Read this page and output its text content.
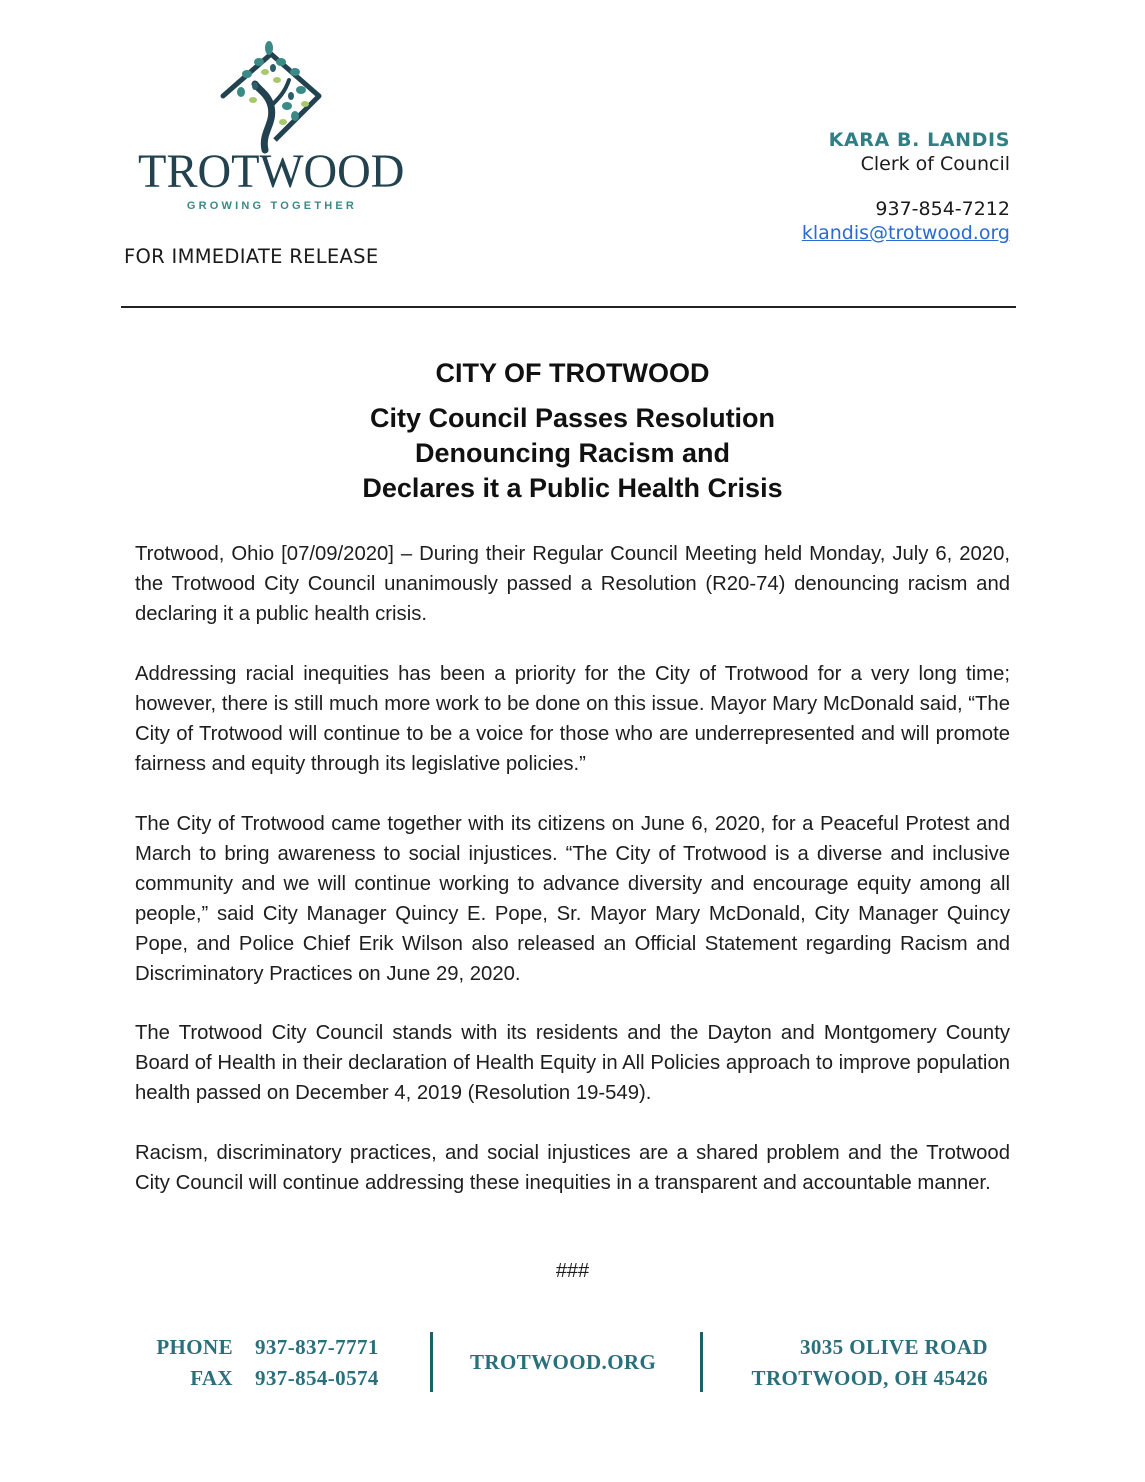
TROTWOOD
GROWING TOGETHER
FOR IMMEDIATE RELEASE
KARA B. LANDIS
Clerk of Council
937-854-7212
klandis@trotwood.org
CITY OF TROTWOOD
City Council Passes Resolution
Denouncing Racism and
Declares it a Public Health Crisis
Trotwood, Ohio [07/09/2020] – During their Regular Council Meeting held Monday, July 6, 2020, the Trotwood City Council unanimously passed a Resolution (R20-74) denouncing racism and declaring it a public health crisis.
Addressing racial inequities has been a priority for the City of Trotwood for a very long time; however, there is still much more work to be done on this issue. Mayor Mary McDonald said, “The City of Trotwood will continue to be a voice for those who are underrepresented and will promote fairness and equity through its legislative policies.”
The City of Trotwood came together with its citizens on June 6, 2020, for a Peaceful Protest and March to bring awareness to social injustices. “The City of Trotwood is a diverse and inclusive community and we will continue working to advance diversity and encourage equity among all people,” said City Manager Quincy E. Pope, Sr. Mayor Mary McDonald, City Manager Quincy Pope, and Police Chief Erik Wilson also released an Official Statement regarding Racism and Discriminatory Practices on June 29, 2020.
The Trotwood City Council stands with its residents and the Dayton and Montgomery County Board of Health in their declaration of Health Equity in All Policies approach to improve population health passed on December 4, 2019 (Resolution 19-549).
Racism, discriminatory practices, and social injustices are a shared problem and the Trotwood City Council will continue addressing these inequities in a transparent and accountable manner.
###
PHONE 937-837-7771
FAX 937-854-0574
TROTWOOD.ORG
3035 OLIVE ROAD
TROTWOOD, OH 45426
